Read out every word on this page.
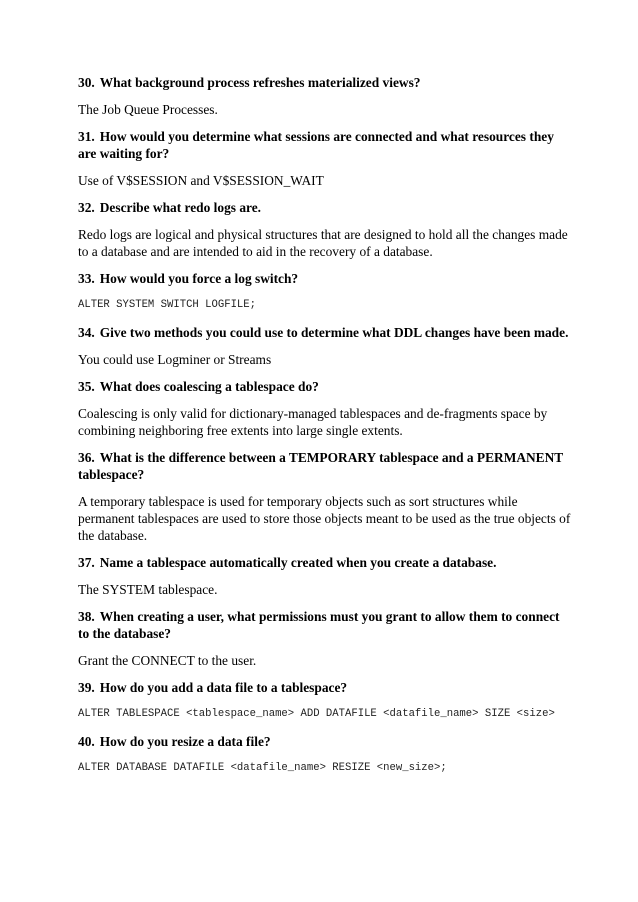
30. What background process refreshes materialized views?

The Job Queue Processes.

31. How would you determine what sessions are connected and what resources they are waiting for?

Use of V$SESSION and V$SESSION_WAIT

32. Describe what redo logs are.

Redo logs are logical and physical structures that are designed to hold all the changes made to a database and are intended to aid in the recovery of a database.

33. How would you force a log switch?

ALTER SYSTEM SWITCH LOGFILE;

34. Give two methods you could use to determine what DDL changes have been made.

You could use Logminer or Streams

35. What does coalescing a tablespace do?

Coalescing is only valid for dictionary-managed tablespaces and de-fragments space by combining neighboring free extents into large single extents.

36. What is the difference between a TEMPORARY tablespace and a PERMANENT tablespace?

A temporary tablespace is used for temporary objects such as sort structures while permanent tablespaces are used to store those objects meant to be used as the true objects of the database.

37. Name a tablespace automatically created when you create a database.

The SYSTEM tablespace.

38. When creating a user, what permissions must you grant to allow them to connect to the database?

Grant the CONNECT to the user.

39. How do you add a data file to a tablespace?

ALTER TABLESPACE <tablespace_name> ADD DATAFILE <datafile_name> SIZE <size>

40. How do you resize a data file?

ALTER DATABASE DATAFILE <datafile_name> RESIZE <new_size>;
